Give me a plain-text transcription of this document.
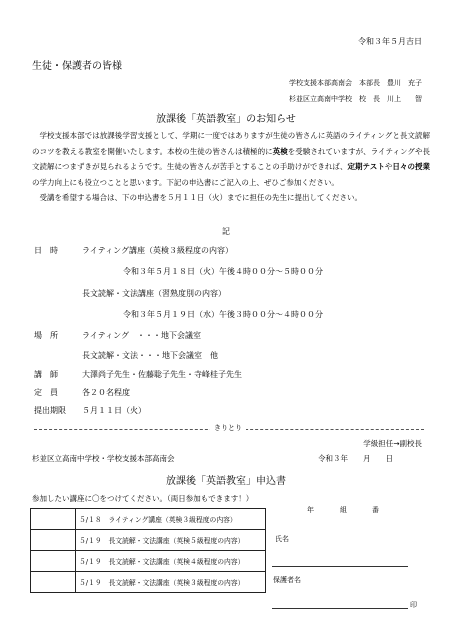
令和３年５月吉日
生徒・保護者の皆様
学校支援本部高南会　本部長　豊川　充子
杉並区立高南中学校　校　長　川上　　智
放課後「英語教室」のお知らせ

学校支援本部では放課後学習支援として、学期に一度ではありますが生徒の皆さんに英語のライティングと長文読解のコツを教える教室を開催いたします。本校の生徒の皆さんは積極的に英検を受験されていますが、ライティングや長文読解につまずきが見られるようです。生徒の皆さんが苦手とすることの手助けができれば、定期テストや日々の授業の学力向上にも役立つことと思います。下記の申込書にご記入の上、ぜひご参加ください。

受講を希望する場合は、下の申込書を５月１１日（火）までに担任の先生に提出してください。

記
日　時	ライティング講座（英検３級程度の内容）
令和３年５月１８日（火）午後４時００分～５時００分
長文読解・文法講座（習熟度別の内容）
令和３年５月１９日（水）午後３時００分～４時００分
場　所	ライティング　・・・地下会議室
長文読解・文法・・・地下会議室　他
講　師	大澤尚子先生・佐藤聡子先生・寺峰桂子先生
定　員	各２０名程度
提出期限 ５月１１日（火）
きりとり
学級担任→副校長
杉並区立高南中学校・学校支援本部高南会	令和３年　　月　　日
放課後「英語教室」申込書
参加したい講座に〇をつけてください。（両日参加もできます！）
	５/１８　ライティング講座（英検３級程度の内容）
	５/１９　長文読解・文法講座（英検５級程度の内容）
	５/１９　長文読解・文法講座（英検４級程度の内容）
	５/１９　長文読解・文法講座（英検３級程度の内容）
年	組	番
氏名
保護者名
印
